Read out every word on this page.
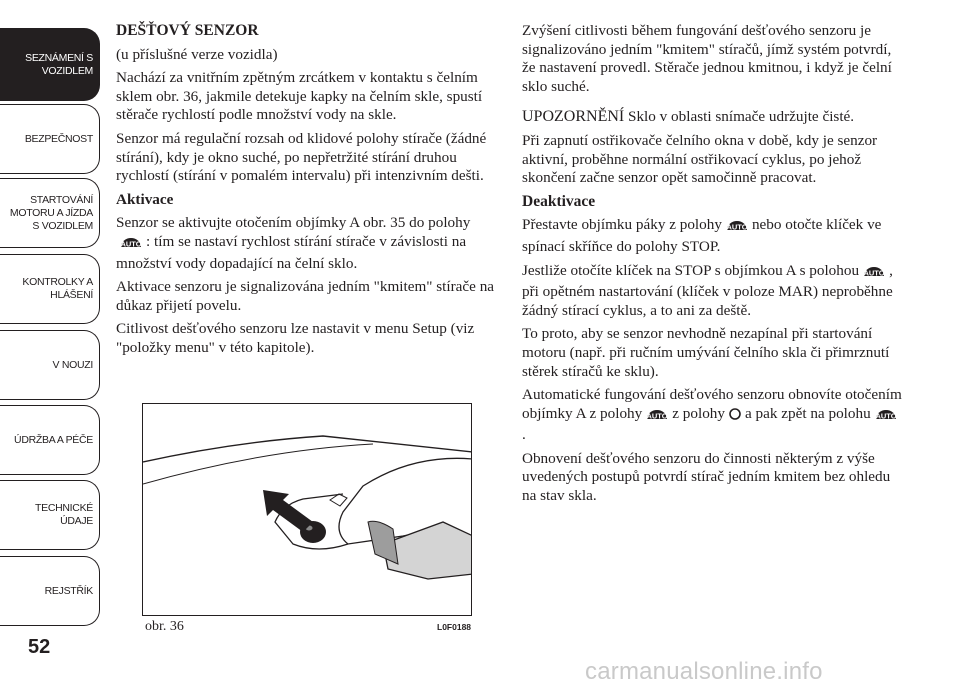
SEZNÁMENÍ S
VOZIDLEM
BEZPEČNOST
STARTOVÁNÍ
MOTORU A JÍZDA
S VOZIDLEM
KONTROLKY A
HLÁŠENÍ
V NOUZI
ÚDRŽBA A PÉČE
TECHNICKÉ
ÚDAJE
REJSTŘÍK
52

DEŠŤOVÝ SENZOR

(u příslušné verze vozidla)

Nachází za vnitřním zpětným zrcátkem v kontaktu s čelním sklem obr. 36, jakmile detekuje kapky na čelním skle, spustí stěrače rychlostí podle množství vody na skle.

Senzor má regulační rozsah od klidové polohy stírače (žádné stírání), kdy je okno suché, po nepřetržité stírání druhou rychlostí (stírání v pomalém intervalu) při intenzivním dešti.

Aktivace

Senzor se aktivujte otočením objímky A obr. 35 do polohy
AUTO : tím se nastaví rychlost stírání stírače v závislosti na množství vody dopadající na čelní sklo.

Aktivace senzoru je signalizována jedním "kmitem" stírače na důkaz přijetí povelu.

Citlivost dešťového senzoru lze nastavit v menu Setup (viz "položky menu" v této kapitole).

obr. 36	L0F0188

Zvýšení citlivosti během fungování dešťového senzoru je signalizováno jedním "kmitem" stíračů, jímž systém potvrdí, že nastavení provedl. Stěrače jednou kmitnou, i když je čelní sklo suché.

UPOZORNĚNÍ Sklo v oblasti snímače udržujte čisté.

Při zapnutí ostřikovače čelního okna v době, kdy je senzor aktivní, proběhne normální ostřikovací cyklus, po jehož skončení začne senzor opět samočinně pracovat.

Deaktivace

Přestavte objímku páky z polohy AUTO nebo otočte klíček ve spínací skříňce do polohy STOP.

Jestliže otočíte klíček na STOP s objímkou A s polohou AUTO , při opětném nastartování (klíček v poloze MAR) neproběhne žádný stírací cyklus, a to ani za deště.

To proto, aby se senzor nevhodně nezapínal při startování motoru (např. při ručním umývání čelního skla či přimrznutí stěrek stíračů ke sklu).

Automatické fungování dešťového senzoru obnovíte otočením objímky A z polohy AUTO z polohy a pak zpět na polohu AUTO
.

Obnovení dešťového senzoru do činnosti některým z výše uvedených postupů potvrdí stírač jedním kmitem bez ohledu na stav skla.

carmanualsonline.info
